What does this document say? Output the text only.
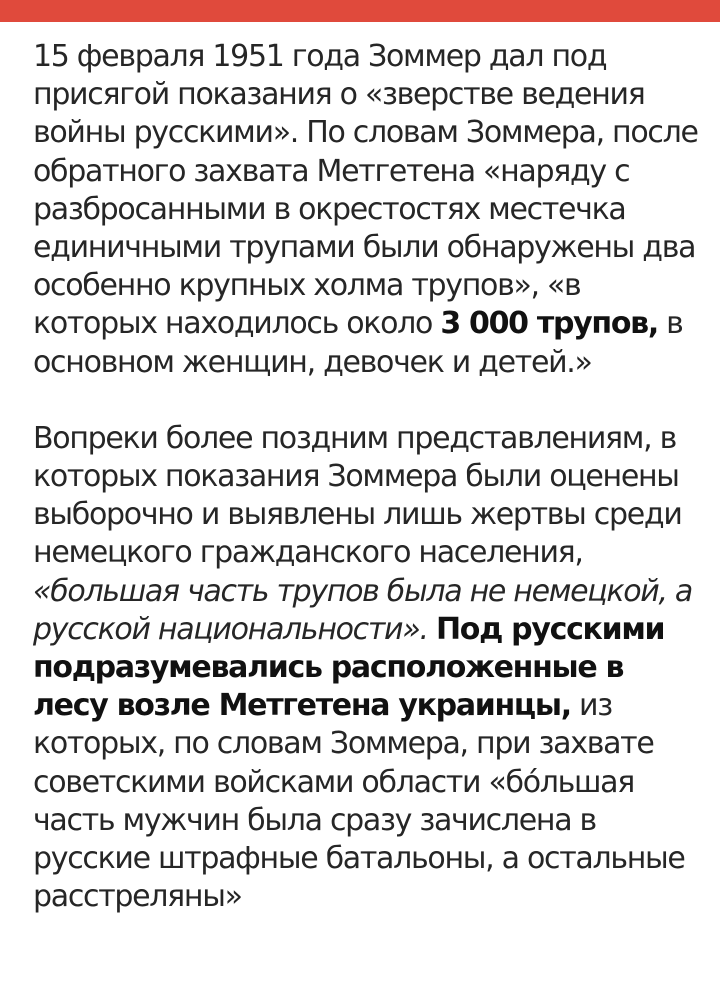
15 февраля 1951 года Зоммер дал под присягой показания о «зверстве ведения войны русскими». По словам Зоммера, после обратного захвата Метгетена «наряду с разбросанными в окрестостях местечка единичными трупами были обнаружены два особенно крупных холма трупов», «в которых находилось около 3 000 трупов, в основном женщин, девочек и детей.»

Вопреки более поздним представлениям, в которых показания Зоммера были оценены выборочно и выявлены лишь жертвы среди немецкого гражданского населения, «большая часть трупов была не немецкой, а русской национальности». Под русскими подразумевались расположенные в лесу возле Метгетена украинцы, из которых, по словам Зоммера, при захвате советскими войсками области «бо́льшая часть мужчин была сразу зачислена в русские штрафные батальоны, а остальные расстреляны»
